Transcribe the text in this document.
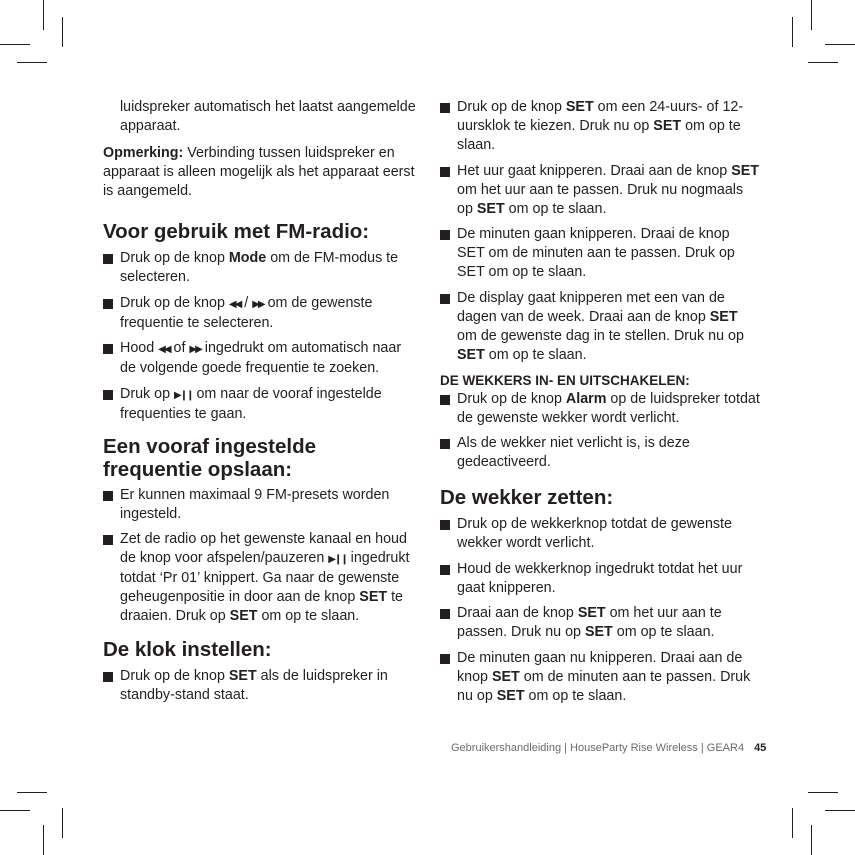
luidspreker automatisch het laatst aangemelde apparaat.

Opmerking: Verbinding tussen luidspreker en apparaat is alleen mogelijk als het apparaat eerst is aangemeld.

Voor gebruik met FM-radio:
Druk op de knop Mode om de FM-modus te selecteren.
Druk op de knop ◀◀ / ▶▶ om de gewenste frequentie te selecteren.
Hood ◀◀ of ▶▶ ingedrukt om automatisch naar de volgende goede frequentie te zoeken.
Druk op ▶❙❙ om naar de vooraf ingestelde frequenties te gaan.
Een vooraf ingestelde frequentie opslaan:
Er kunnen maximaal 9 FM-presets worden ingesteld.
Zet de radio op het gewenste kanaal en houd de knop voor afspelen/pauzeren ▶❙❙ ingedrukt totdat ‘Pr 01’ knippert. Ga naar de gewenste geheugenpositie in door aan de knop SET te draaien. Druk op SET om op te slaan.
De klok instellen:
Druk op de knop SET als de luidspreker in standby-stand staat.
Druk op de knop SET om een 24-uurs- of 12-uursklok te kiezen. Druk nu op SET om op te slaan.
Het uur gaat knipperen. Draai aan de knop SET om het uur aan te passen. Druk nu nogmaals op SET om op te slaan.
De minuten gaan knipperen. Draai de knop SET om de minuten aan te passen. Druk op SET om op te slaan.
De display gaat knipperen met een van de dagen van de week. Draai aan de knop SET om de gewenste dag in te stellen. Druk nu op SET om op te slaan.
DE WEKKERS IN- EN UITSCHAKELEN:
Druk op de knop Alarm op de luidspreker totdat de gewenste wekker wordt verlicht.
Als de wekker niet verlicht is, is deze gedeactiveerd.
De wekker zetten:
Druk op de wekkerknop totdat de gewenste wekker wordt verlicht.
Houd de wekkerknop ingedrukt totdat het uur gaat knipperen.
Draai aan de knop SET om het uur aan te passen. Druk nu op SET om op te slaan.
De minuten gaan nu knipperen. Draai aan de knop SET om de minuten aan te passen. Druk nu op SET om op te slaan.
Gebruikershandleiding | HouseParty Rise Wireless | GEAR4 45
